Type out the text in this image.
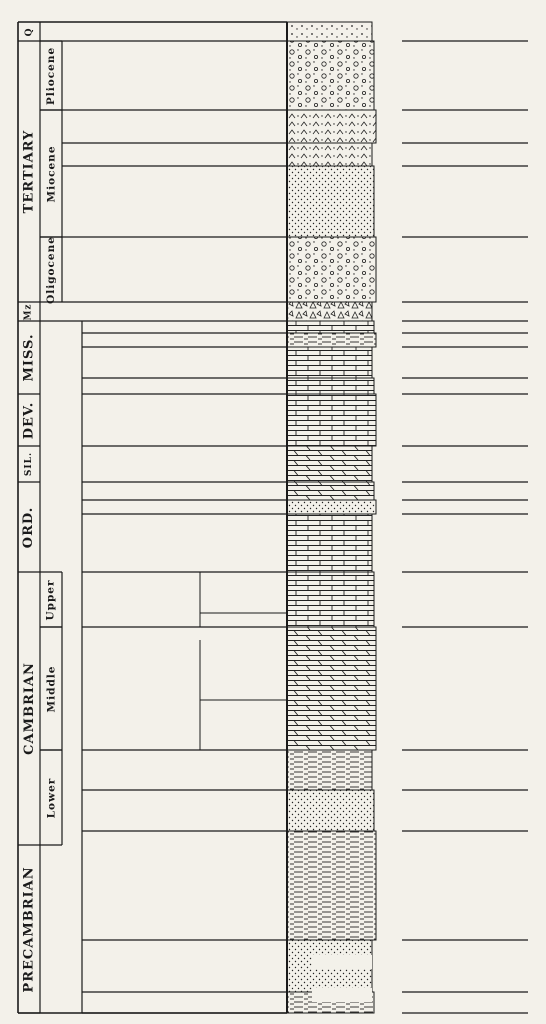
Q
TERTIARY
Mz
MISS.
DEV.
SIL.
ORD.
CAMBRIAN
PRECAMBRIAN
Pliocene
Miocene
Oligocene
Upper
Middle
Lower
